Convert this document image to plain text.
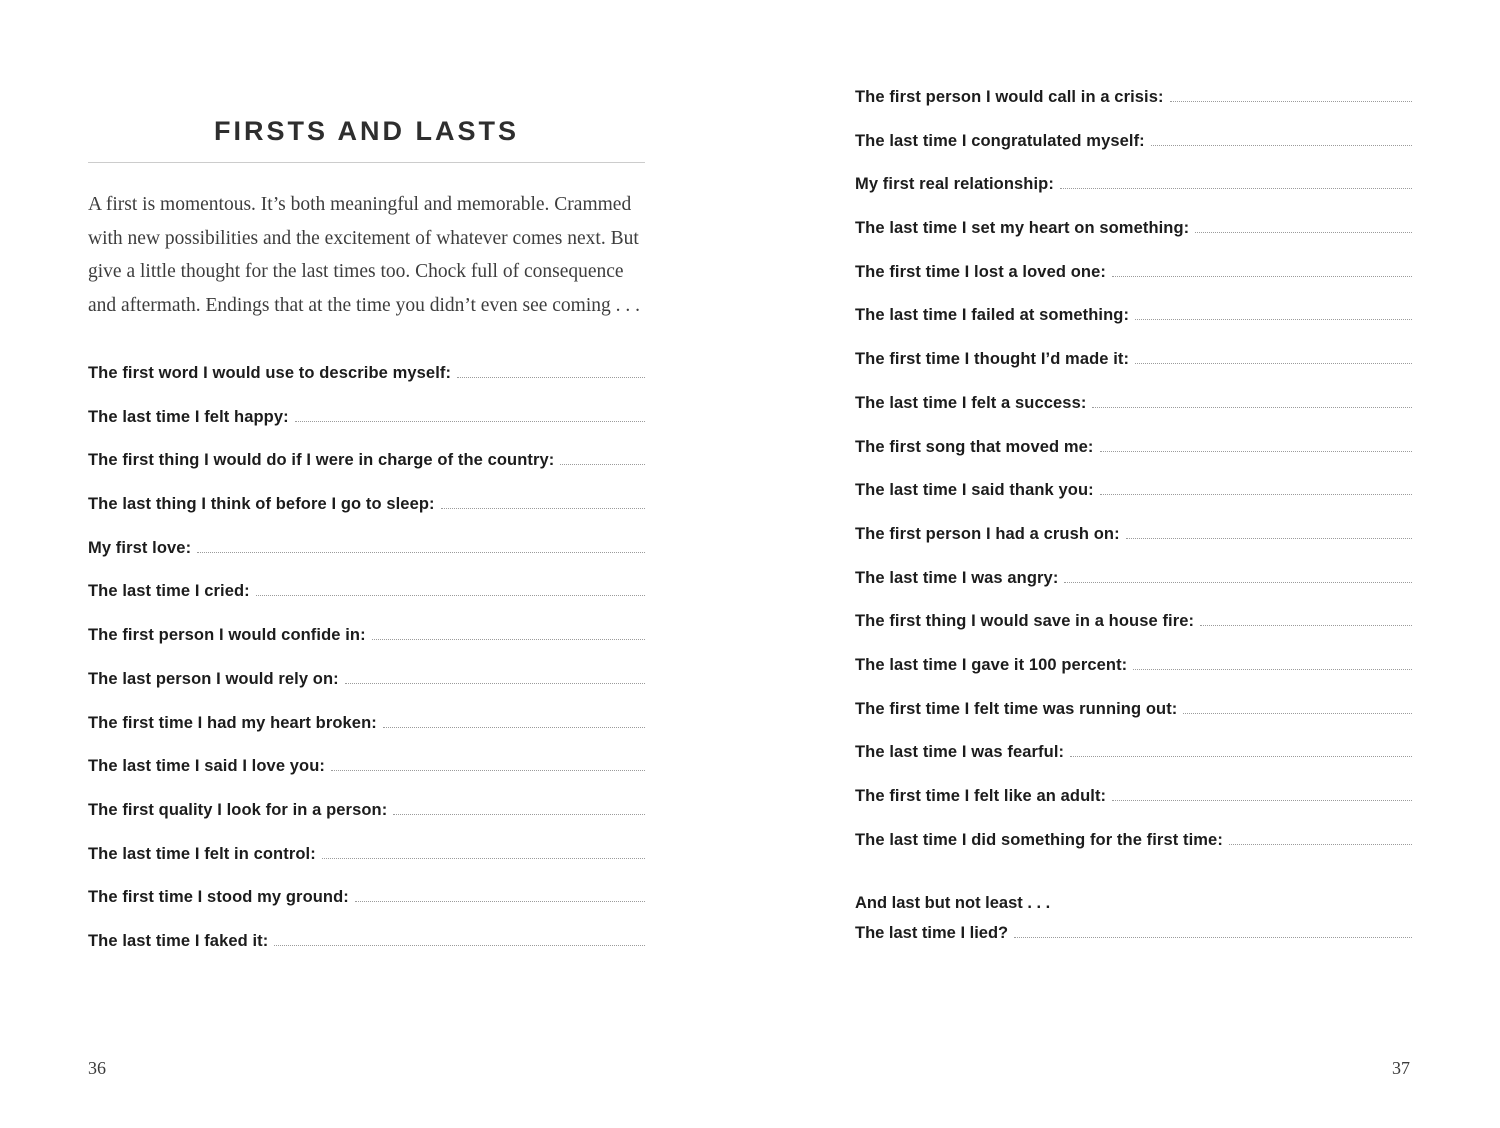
FIRSTS AND LASTS

A first is momentous. It’s both meaningful and memorable. Crammed with new possibilities and the excitement of whatever comes next. But give a little thought for the last times too. Chock full of consequence and aftermath. Endings that at the time you didn’t even see coming . . .

The first word I would use to describe myself:
The last time I felt happy:
The first thing I would do if I were in charge of the country:
The last thing I think of before I go to sleep:
My first love:
The last time I cried:
The first person I would confide in:
The last person I would rely on:
The first time I had my heart broken:
The last time I said I love you:
The first quality I look for in a person:
The last time I felt in control:
The first time I stood my ground:
The last time I faked it:
The first person I would call in a crisis:
The last time I congratulated myself:
My first real relationship:
The last time I set my heart on something:
The first time I lost a loved one:
The last time I failed at something:
The first time I thought I’d made it:
The last time I felt a success:
The first song that moved me:
The last time I said thank you:
The first person I had a crush on:
The last time I was angry:
The first thing I would save in a house fire:
The last time I gave it 100 percent:
The first time I felt time was running out:
The last time I was fearful:
The first time I felt like an adult:
The last time I did something for the first time:
And last but not least . . .
The last time I lied?
36	37
